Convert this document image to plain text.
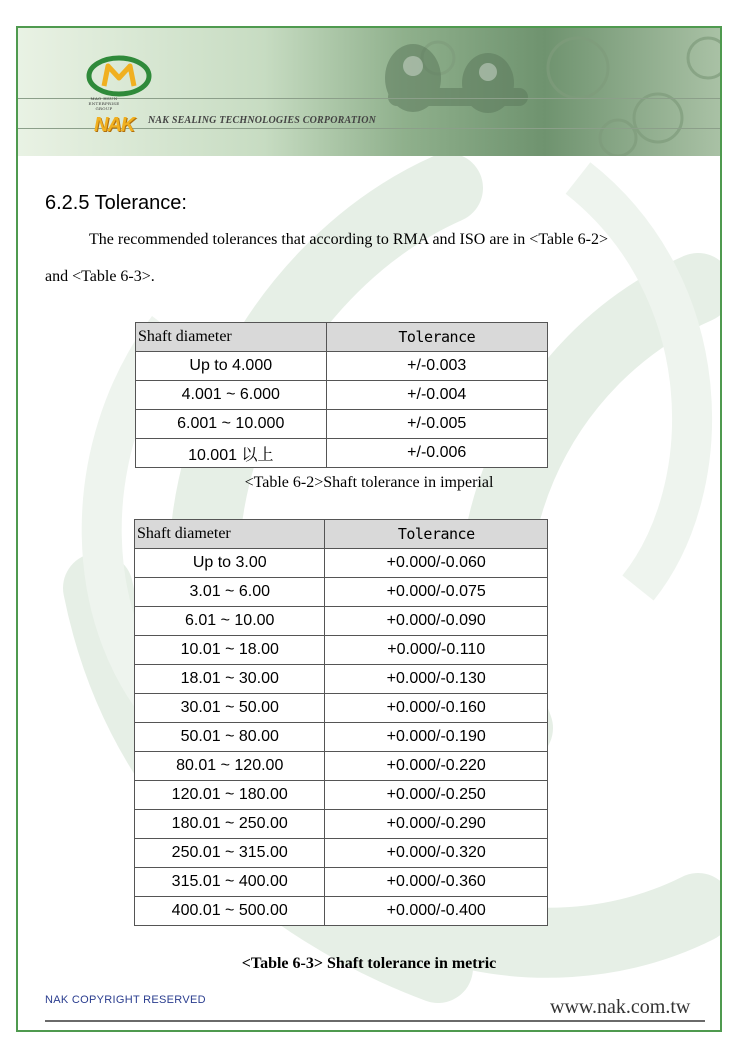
MAO HSUN ENTERPRISE GROUP
NAK NAK SEALING TECHNOLOGIES CORPORATION
6.2.5 Tolerance:
The recommended tolerances that according to RMA and ISO are in <Table 6-2>
and <Table 6-3>.
Shaft diameter	Tolerance
Up to 4.000	+/-0.003
4.001 ~ 6.000	+/-0.004
6.001 ~ 10.000	+/-0.005
10.001 以上	+/-0.006
<Table 6-2>Shaft tolerance in imperial
Shaft diameter	Tolerance
Up to 3.00	+0.000/-0.060
3.01 ~ 6.00	+0.000/-0.075
6.01 ~ 10.00	+0.000/-0.090
10.01 ~ 18.00	+0.000/-0.110
18.01 ~ 30.00	+0.000/-0.130
30.01 ~ 50.00	+0.000/-0.160
50.01 ~ 80.00	+0.000/-0.190
80.01 ~ 120.00	+0.000/-0.220
120.01 ~ 180.00	+0.000/-0.250
180.01 ~ 250.00	+0.000/-0.290
250.01 ~ 315.00	+0.000/-0.320
315.01 ~ 400.00	+0.000/-0.360
400.01 ~ 500.00	+0.000/-0.400
<Table 6-3> Shaft tolerance in metric
NAK COPYRIGHT RESERVED	www.nak.com.tw
